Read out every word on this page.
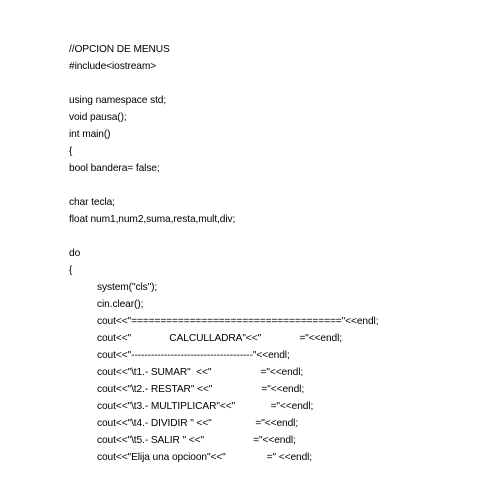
//OPCION DE MENUS
#include<iostream>
using namespace std;
void pausa();
int main()
{
bool bandera= false;
char tecla;
float num1,num2,suma,resta,mult,div;
do
{
system("cls");
cin.clear();
cout<<"===================================="<<endl;
cout<<"              CALCULLADRA"<<"              ="<<endl;
cout<<"-------------------------------------"<<endl;
cout<<"\t1.- SUMAR"  <<"                  ="<<endl;
cout<<"\t2.- RESTAR" <<"                  ="<<endl;
cout<<"\t3.- MULTIPLICAR"<<"             ="<<endl;
cout<<"\t4.- DIVIDIR " <<"                ="<<endl;
cout<<"\t5.- SALIR " <<"                  ="<<endl;
cout<<"Elija una opcioon"<<"               =" <<endl;
